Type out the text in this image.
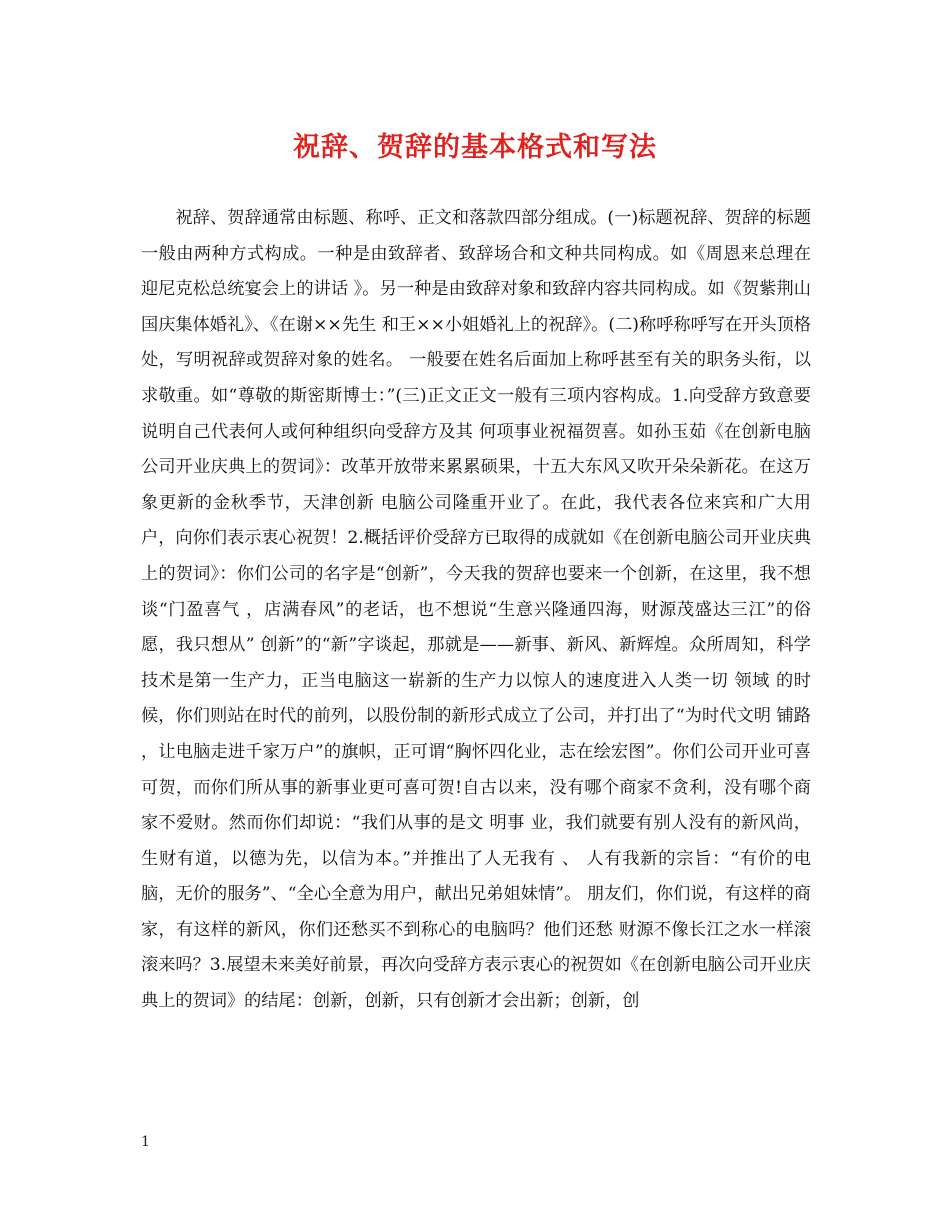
祝辞、贺辞的基本格式和写法

祝辞、贺辞通常由标题、称呼、正文和落款四部分组成。(一)标题祝辞、贺辞的标题一般由两种方式构成。一种是由致辞者、致辞场合和文种共同构成。如《周恩来总理在迎尼克松总统宴会上的讲话 》。另一种是由致辞对象和致辞内容共同构成。如《贺紫荆山国庆集体婚礼》、《在谢××先生 和王××小姐婚礼上的祝辞》。(二)称呼称呼写在开头顶格处，写明祝辞或贺辞对象的姓名。 一般要在姓名后面加上称呼甚至有关的职务头衔，以求敬重。如“尊敬的斯密斯博士：”(三)正文正文一般有三项内容构成。1.向受辞方致意要说明自己代表何人或何种组织向受辞方及其 何项事业祝福贺喜。如孙玉茹《在创新电脑公司开业庆典上的贺词》：改革开放带来累累硕果，十五大东风又吹开朵朵新花。在这万象更新的金秋季节，天津创新 电脑公司隆重开业了。在此，我代表各位来宾和广大用户，向你们表示衷心祝贺！2.概括评价受辞方已取得的成就如《在创新电脑公司开业庆典上的贺词》：你们公司的名字是“创新”，今天我的贺辞也要来一个创新，在这里，我不想谈“门盈喜气 ，店满春风”的老话，也不想说“生意兴隆通四海，财源茂盛达三江”的俗愿，我只想从” 创新”的“新”字谈起，那就是——新事、新风、新辉煌。众所周知，科学技术是第一生产力，正当电脑这一崭新的生产力以惊人的速度进入人类一切 领域 的时候，你们则站在时代的前列，以股份制的新形式成立了公司，并打出了“为时代文明 铺路 ，让电脑走进千家万户”的旗帜，正可谓“胸怀四化业，志在绘宏图”。你们公司开业可喜 可贺，而你们所从事的新事业更可喜可贺!自古以来，没有哪个商家不贪利，没有哪个商家不爱财。然而你们却说：“我们从事的是文 明事 业，我们就要有别人没有的新风尚，生财有道，以德为先，以信为本。”并推出了人无我有 、 人有我新的宗旨：“有价的电脑，无价的服务”、“全心全意为用户，献出兄弟姐妹情”。 朋友们，你们说，有这样的商家，有这样的新风，你们还愁买不到称心的电脑吗？他们还愁 财源不像长江之水一样滚滚来吗？3.展望未来美好前景，再次向受辞方表示衷心的祝贺如《在创新电脑公司开业庆典上的贺词》的结尾：创新，创新，只有创新才会出新；创新，创

1
